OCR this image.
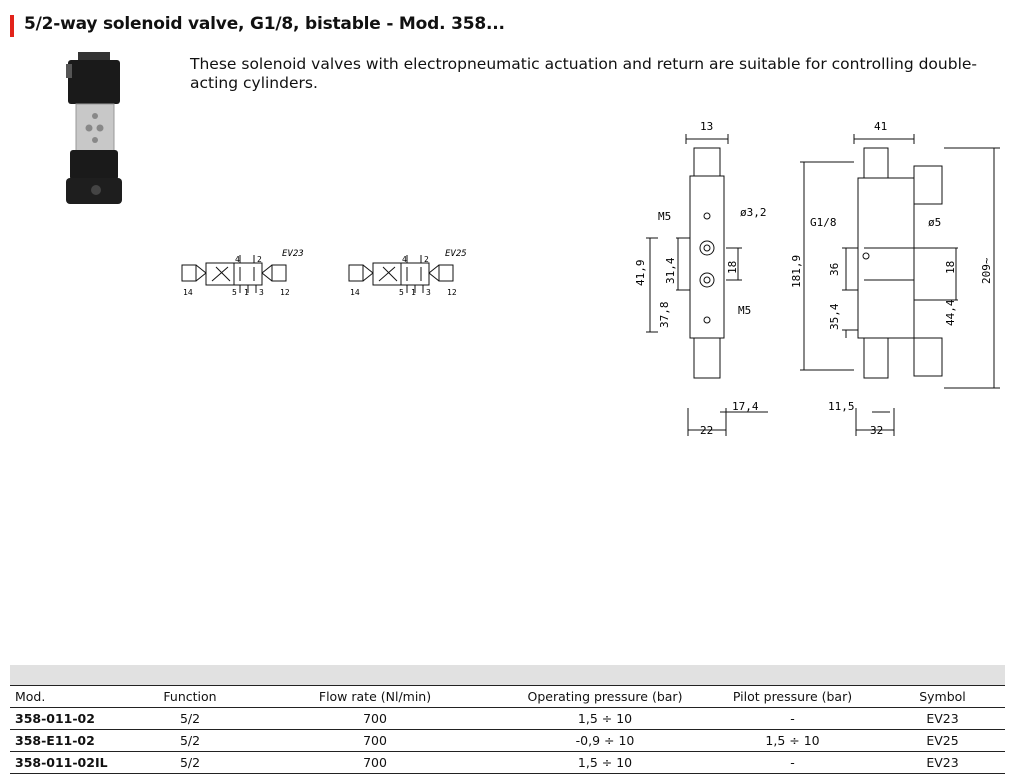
5/2-way solenoid valve, G1/8, bistable - Mod. 358...
These solenoid valves with electropneumatic actuation and return are suitable for controlling double-acting cylinders.
EV23
4 2
14	5 1 3 12
EV25
4 2
14	5 1 3 12
13	41
ø3,2
M5	G1/8	ø5
41,9 31,4	18	181,9 36	18 209~
37,8	M5	35,4	44,4
17,4	11,5
22	32
Mod.	Function	Flow rate (Nl/min)	Operating pressure (bar)	Pilot pressure (bar)	Symbol
358-011-02	5/2	700	1,5 ÷ 10	-	EV23
358-E11-02	5/2	700	-0,9 ÷ 10	1,5 ÷ 10	EV25
358-011-02IL	5/2	700	1,5 ÷ 10	-	EV23
